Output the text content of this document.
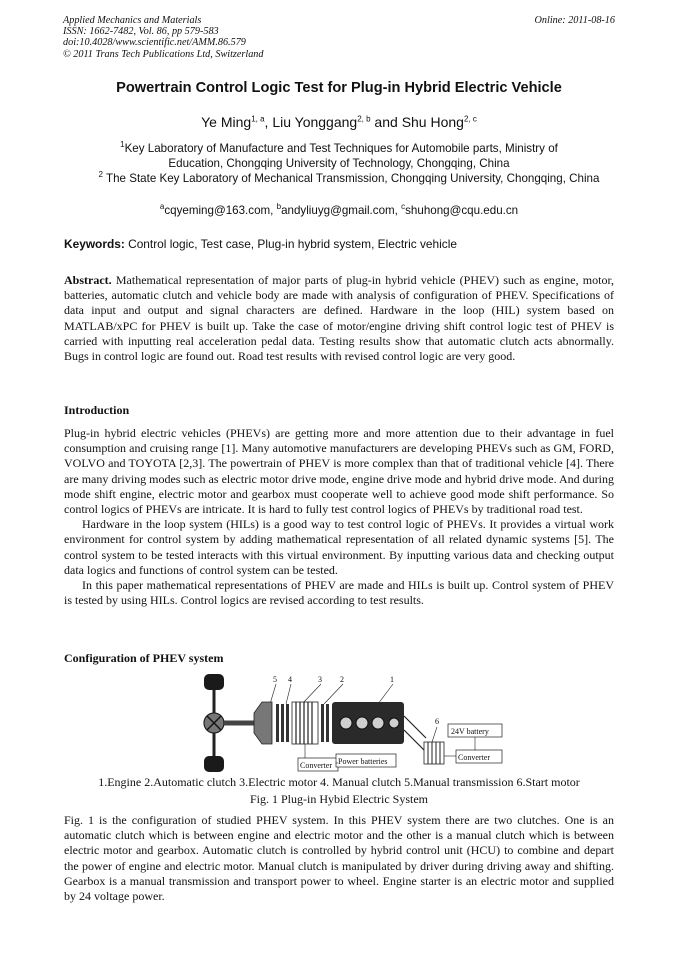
Applied Mechanics and Materials
ISSN: 1662-7482, Vol. 86, pp 579-583
doi:10.4028/www.scientific.net/AMM.86.579
© 2011 Trans Tech Publications Ltd, Switzerland
Online: 2011-08-16
Powertrain Control Logic Test for Plug-in Hybrid Electric Vehicle
Ye Ming$^{1, a}$, Liu Yonggang$^{2, b}$ and Shu Hong$^{2, c}$
$^1$Key Laboratory of Manufacture and Test Techniques for Automobile parts, Ministry of Education, Chongqing University of Technology, Chongqing, China
$^2$ The State Key Laboratory of Mechanical Transmission, Chongqing University, Chongqing, China
$^a$cqyeming@163.com, $^b$andyliuyg@gmail.com, $^c$shuhong@cqu.edu.cn
Keywords: Control logic, Test case, Plug-in hybrid system, Electric vehicle
Abstract. Mathematical representation of major parts of plug-in hybrid vehicle (PHEV) such as engine, motor, batteries, automatic clutch and vehicle body are made with analysis of configuration of PHEV. Specifications of data input and output and signal characters are defined. Hardware in the loop (HIL) system based on MATLAB/xPC for PHEV is built up. Take the case of motor/engine driving shift control logic test of PHEV is carried with inputting real acceleration pedal data. Testing results show that automatic clutch acts abnormally. Bugs in control logic are found out. Road test results with revised control logic are very good.
Introduction
Plug-in hybrid electric vehicles (PHEVs) are getting more and more attention due to their advantage in fuel consumption and cruising range [1]. Many automotive manufacturers are developing PHEVs such as GM, FORD, VOLVO and TOYOTA [2,3]. The powertrain of PHEV is more complex than that of traditional vehicle [4]. There are many driving modes such as electric motor drive mode, engine drive mode and hybrid drive mode. And during mode shift engine, electric motor and gearbox must cooperate well to achieve good mode shift performance. So control logics of PHEVs are intricate. It is hard to fully test control logics of PHEVs by traditional road test.
Hardware in the loop system (HILs) is a good way to test control logic of PHEVs. It provides a virtual work environment for control system by adding mathematical representation of all related dynamic systems [5]. The control system to be tested interacts with this virtual environment. By inputting various data and checking output data logics and functions of control system can be tested.
In this paper mathematical representations of PHEV are made and HILs is built up. Control system of PHEV is tested by using HILs. Control logics are revised according to test results.
Configuration of PHEV system
5 4	3 2	1
6
Converter Power batteries
24V battery
Converter
1.Engine 2.Automatic clutch 3.Electric motor 4. Manual clutch 5.Manual transmission 6.Start motor
Fig. 1 Plug-in Hybid Electric System
Fig. 1 is the configuration of studied PHEV system. In this PHEV system there are two clutches. One is an automatic clutch which is between engine and electric motor and the other is a manual clutch which is between electric motor and gearbox. Automatic clutch is controlled by hybrid control unit (HCU) to combine and depart the power of engine and electric motor. Manual clutch is manipulated by driver during driving away and shifting. Gearbox is a manual transmission and transport power to wheel. Engine starter is an electric motor and supplied by 24 voltage power.
